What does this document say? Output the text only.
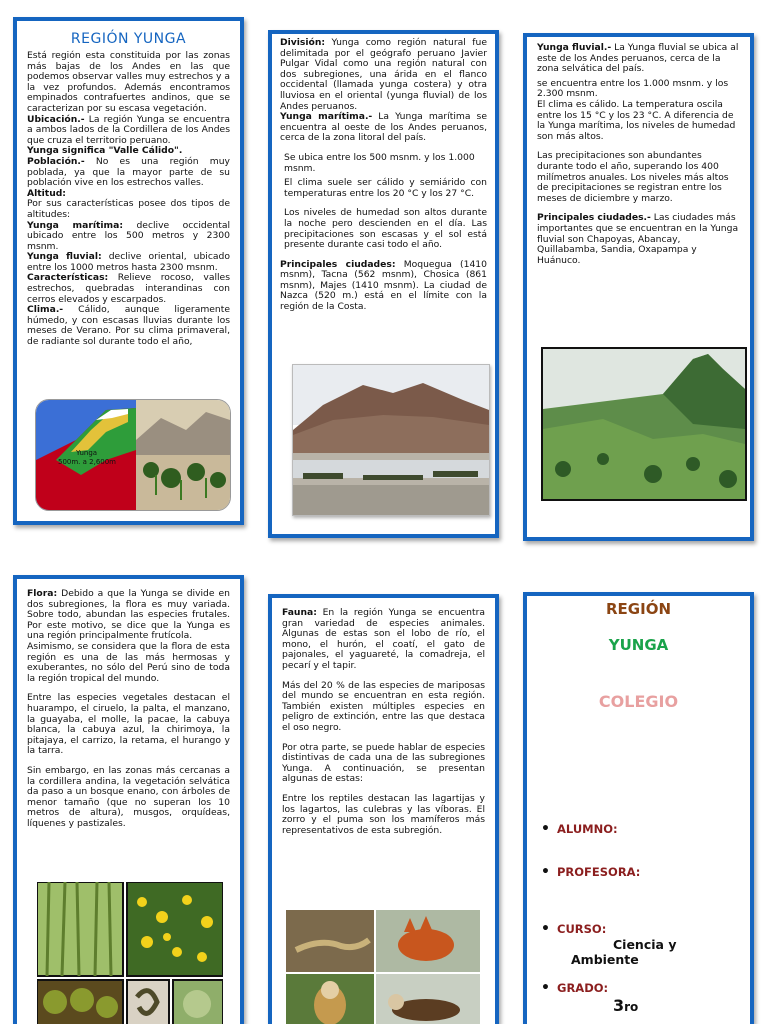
REGIÓN YUNGA

Está región esta constituida por las zonas más bajas de los Andes en las que podemos observar valles muy estrechos y a la vez profundos. Además encontramos empinados contrafuertes andinos, que se caracterizan por su escasa vegetación.

Ubicación.- La región Yunga se encuentra a ambos lados de la Cordillera de los Andes que cruza el territorio peruano.

Yunga significa "Valle Cálido".

Población.- No es una región muy poblada, ya que la mayor parte de su población vive en los estrechos valles.

Altitud:

Por sus características posee dos tipos de altitudes:

Yunga marítima: declive occidental ubicado entre los 500 metros y 2300 msnm.

Yunga fluvial: declive oriental, ubicado entre los 1000 metros hasta 2300 msnm.

Características: Relieve rocoso, valles estrechos, quebradas interandinas con cerros elevados y escarpados.

Clima.- Cálido, aunque ligeramente húmedo, y con escasas lluvias durante los meses de Verano. Por su clima primaveral, de radiante sol durante todo el año,

Yunga
500m. a 2,600m

División: Yunga como región natural fue delimitada por el geógrafo peruano Javier Pulgar Vidal como una región natural con dos subregiones, una árida en el flanco occidental (llamada yunga costera) y otra lluviosa en el oriental (yunga fluvial) de los Andes peruanos.

Yunga marítima.- La Yunga marítima se encuentra al oeste de los Andes peruanos, cerca de la zona litoral del país.

Se ubica entre los 500 msnm. y los 1.000 msnm.

El clima suele ser cálido y semiárido con temperaturas entre los 20 °C y los 27 °C.

Los niveles de humedad son altos durante la noche pero descienden en el día. Las precipitaciones son escasas y el sol está presente durante casi todo el año.

Principales ciudades: Moquegua (1410 msnm), Tacna (562 msnm), Chosica (861 msnm), Majes (1410 msnm). La ciudad de Nazca (520 m.) está en el límite con la región de la Costa.

Yunga fluvial.- La Yunga fluvial se ubica al este de los Andes peruanos, cerca de la zona selvática del país.

se encuentra entre los 1.000 msnm. y los 2.300 msnm.

El clima es cálido. La temperatura oscila entre los 15 °C y los 23 °C. A diferencia de la Yunga marítima, los niveles de humedad son más altos.

Las precipitaciones son abundantes durante todo el año, superando los 400 milímetros anuales. Los niveles más altos de precipitaciones se registran entre los meses de diciembre y marzo.

Principales ciudades.- Las ciudades más importantes que se encuentran en la Yunga fluvial son Chapoyas, Abancay, Quillabamba, Sandia, Oxapampa y Huánuco.

Flora: Debido a que la Yunga se divide en dos subregiones, la flora es muy variada. Sobre todo, abundan las especies frutales. Por este motivo, se dice que la Yunga es una región principalmente frutícola.

Asimismo, se considera que la flora de esta región es una de las más hermosas y exuberantes, no sólo del Perú sino de toda la región tropical del mundo.

Entre las especies vegetales destacan el huarampo, el ciruelo, la palta, el manzano, la guayaba, el molle, la pacae, la cabuya blanca, la cabuya azul, la chirimoya, la pitajaya, el carrizo, la retama, el hurango y la tarra.

Sin embargo, en las zonas más cercanas a la cordillera andina, la vegetación selvática da paso a un bosque enano, con árboles de menor tamaño (que no superan los 10 metros de altura), musgos, orquídeas, líquenes y pastizales.

Fauna: En la región Yunga se encuentra gran variedad de especies animales. Algunas de estas son el lobo de río, el mono, el hurón, el coatí, el gato de pajonales, el yaguareté, la comadreja, el pecarí y el tapir.

Más del 20 % de las especies de mariposas del mundo se encuentran en esta región. También existen múltiples especies en peligro de extinción, entre las que destaca el oso negro.

Por otra parte, se puede hablar de especies distintivas de cada una de las subregiones Yunga. A continuación, se presentan algunas de estas:

Entre los reptiles destacan las lagartijas y los lagartos, las culebras y las víboras. El zorro y el puma son los mamíferos más representativos de esta subregión.

REGIÓN
YUNGA
COLEGIO
• ALUMNO:
• PROFESORA:
• CURSO:
Ciencia y
Ambiente
• GRADO:
3ro
